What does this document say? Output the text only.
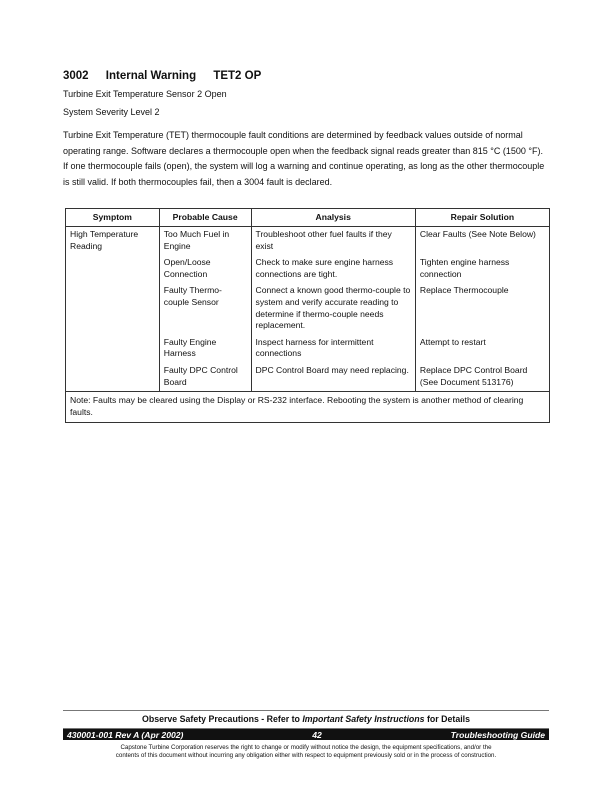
3002 Internal Warning TET2 OP

Turbine Exit Temperature Sensor 2 Open

System Severity Level 2

Turbine Exit Temperature (TET) thermocouple fault conditions are determined by feedback values outside of normal operating range. Software declares a thermocouple open when the feedback signal reads greater than 815 °C (1500 °F). If one thermocouple fails (open), the system will log a warning and continue operating, as long as the other thermocouple is still valid. If both thermocouples fail, then a 3004 fault is declared.

Symptom	Probable Cause	Analysis	Repair Solution
High Temperature Reading	Too Much Fuel in Engine	Troubleshoot other fuel faults if they exist	Clear Faults (See Note Below)
	Open/Loose Connection	Check to make sure engine harness connections are tight.	Tighten engine harness connection
	Faulty Thermo-couple Sensor	Connect a known good thermo-couple to system and verify accurate reading to determine if thermo-couple needs replacement.	Replace Thermocouple
	Faulty Engine Harness	Inspect harness for intermittent connections	Attempt to restart
	Faulty DPC Control Board	DPC Control Board may need replacing.	Replace DPC Control Board (See Document 513176)
Note: Faults may be cleared using the Display or RS-232 interface. Rebooting the system is another method of clearing faults.			
Observe Safety Precautions - Refer to Important Safety Instructions for Details
430001-001 Rev A (Apr 2002)	42	Troubleshooting Guide
Capstone Turbine Corporation reserves the right to change or modify without notice the design, the equipment specifications, and/or the
contents of this document without incurring any obligation either with respect to equipment previously sold or in the process of construction.
